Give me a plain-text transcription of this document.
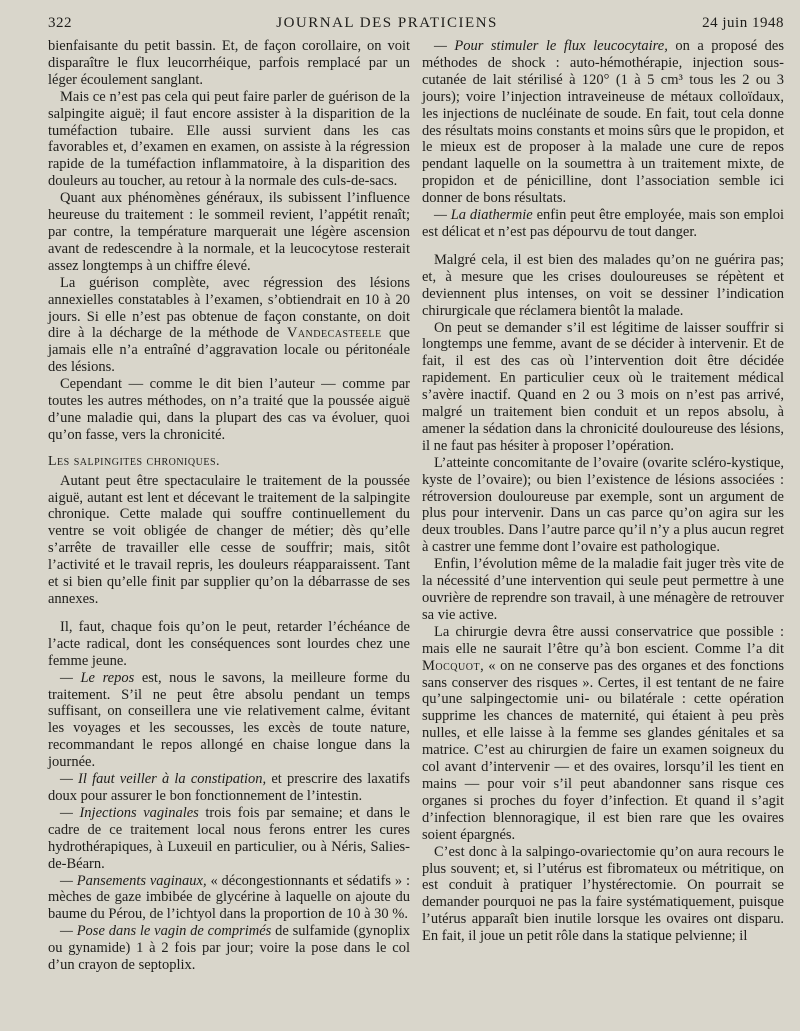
322	JOURNAL DES PRATICIENS	24 juin 1948

bienfaisante du petit bassin. Et, de façon corollaire, on voit disparaître le flux leucorrhéique, parfois remplacé par un léger écoulement sanglant.

Mais ce n’est pas cela qui peut faire parler de guérison de la salpingite aiguë; il faut encore assister à la disparition de la tuméfaction tubaire. Elle aussi survient dans les cas favorables et, d’examen en examen, on assiste à la régression rapide de la tuméfaction inflammatoire, à la disparition des douleurs au toucher, au retour à la normale des culs-de-sacs.

Quant aux phénomènes généraux, ils subissent l’influence heureuse du traitement : le sommeil revient, l’appétit renaît; par contre, la température marquerait une légère ascension avant de redescendre à la normale, et la leucocytose resterait assez longtemps à un chiffre élevé.

La guérison complète, avec régression des lésions annexielles constatables à l’examen, s’obtiendrait en 10 à 20 jours. Si elle n’est pas obtenue de façon constante, on doit dire à la décharge de la méthode de Vandecasteele que jamais elle n’a entraîné d’aggravation locale ou péritonéale des lésions.

Cependant — comme le dit bien l’auteur — comme par toutes les autres méthodes, on n’a traité que la poussée aiguë d’une maladie qui, dans la plupart des cas va évoluer, quoi qu’on fasse, vers la chronicité.

Les salpingites chroniques.

Autant peut être spectaculaire le traitement de la poussée aiguë, autant est lent et décevant le traitement de la salpingite chronique. Cette malade qui souffre continuellement du ventre se voit obligée de changer de métier; dès qu’elle s’arrête de travailler elle cesse de souffrir; mais, sitôt l’activité et le travail repris, les douleurs réapparaissent. Tant et si bien qu’elle finit par supplier qu’on la débarrasse de ses annexes.

Il, faut, chaque fois qu’on le peut, retarder l’échéance de l’acte radical, dont les conséquences sont lourdes chez une femme jeune.

— Le repos est, nous le savons, la meilleure forme du traitement. S’il ne peut être absolu pendant un temps suffisant, on conseillera une vie relativement calme, évitant les voyages et les secousses, les excès de toute nature, recommandant le repos allongé en chaise longue dans la journée.

— Il faut veiller à la constipation, et prescrire des laxatifs doux pour assurer le bon fonctionnement de l’intestin.

— Injections vaginales trois fois par semaine; et dans le cadre de ce traitement local nous ferons entrer les cures hydrothérapiques, à Luxeuil en particulier, ou à Néris, Salies-de-Béarn.

— Pansements vaginaux, « décongestionnants et sédatifs » : mèches de gaze imbibée de glycérine à laquelle on ajoute du baume du Pérou, de l’ichtyol dans la proportion de 10 à 30 %.

— Pose dans le vagin de comprimés de sulfamide (gynoplix ou gynamide) 1 à 2 fois par jour; voire la pose dans le col d’un crayon de septoplix.

— Pour stimuler le flux leucocytaire, on a proposé des méthodes de shock : auto-hémothérapie, injection sous-cutanée de lait stérilisé à 120° (1 à 5 cm³ tous les 2 ou 3 jours); voire l’injection intraveineuse de métaux colloïdaux, les injections de nucléinate de soude. En fait, tout cela donne des résultats moins constants et moins sûrs que le propidon, et le mieux est de proposer à la malade une cure de repos pendant laquelle on la soumettra à un traitement mixte, de propidon et de pénicilline, dont l’association semble ici donner de bons résultats.

— La diathermie enfin peut être employée, mais son emploi est délicat et n’est pas dépourvu de tout danger.

Malgré cela, il est bien des malades qu’on ne guérira pas; et, à mesure que les crises douloureuses se répètent et deviennent plus intenses, on voit se dessiner l’indication chirurgicale que réclamera bientôt la malade.

On peut se demander s’il est légitime de laisser souffrir si longtemps une femme, avant de se décider à intervenir. Et de fait, il est des cas où l’intervention doit être décidée rapidement. En particulier ceux où le traitement médical s’avère inactif. Quand en 2 ou 3 mois on n’est pas arrivé, malgré un traitement bien conduit et un repos absolu, à amener la sédation dans la chronicité douloureuse des lésions, il ne faut pas hésiter à proposer l’opération.

L’atteinte concomitante de l’ovaire (ovarite scléro-kystique, kyste de l’ovaire); ou bien l’existence de lésions associées : rétroversion douloureuse par exemple, sont un argument de plus pour intervenir. Dans un cas parce qu’on agira sur les deux troubles. Dans l’autre parce qu’il n’y a plus aucun regret à castrer une femme dont l’ovaire est pathologique.

Enfin, l’évolution même de la maladie fait juger très vite de la nécessité d’une intervention qui seule peut permettre à une ouvrière de reprendre son travail, à une ménagère de retrouver sa vie active.

La chirurgie devra être aussi conservatrice que possible : mais elle ne saurait l’être qu’à bon escient. Comme l’a dit Mocquot, « on ne conserve pas des organes et des fonctions sans conserver des risques ». Certes, il est tentant de ne faire qu’une salpingectomie uni- ou bilatérale : cette opération supprime les chances de maternité, qui étaient à peu près nulles, et elle laisse à la femme ses glandes génitales et sa matrice. C’est au chirurgien de faire un examen soigneux du col avant d’intervenir — et des ovaires, lorsqu’il les tient en mains — pour voir s’il peut abandonner sans risque ces organes si proches du foyer d’infection. Et quand il s’agit d’infection blennoragique, il est bien rare que les ovaires soient épargnés.

C’est donc à la salpingo-ovariectomie qu’on aura recours le plus souvent; et, si l’utérus est fibromateux ou métritique, on est conduit à pratiquer l’hystérectomie. On pourrait se demander pourquoi ne pas la faire systématiquement, puisque l’utérus apparaît bien inutile lorsque les ovaires ont disparu. En fait, il joue un petit rôle dans la statique pelvienne; il
